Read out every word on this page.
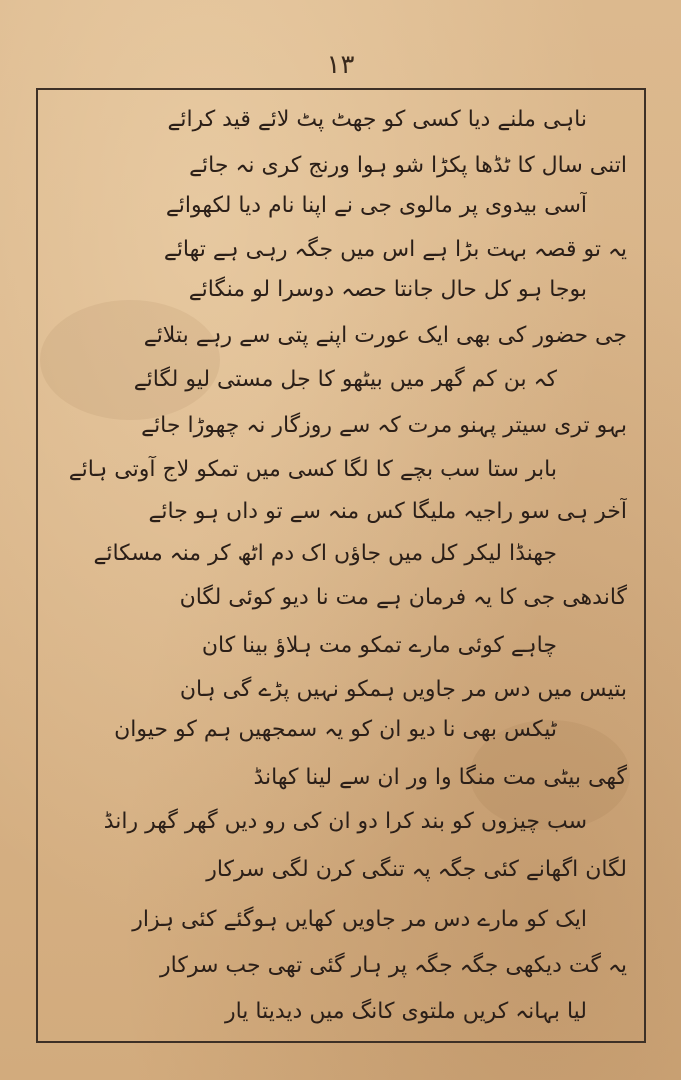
۱۳
ناہی ملنے دیا کسی کو جھٹ پٹ لائے قید کرائے
اتنی سال کا ٹڈھا پکڑا شو ہوا ورنج کری نہ جائے
آسی بیدوی پر مالوی جی نے اپنا نام دیا لکھوائے
یہ تو قصہ بہت بڑا ہے اس میں جگہ رہی ہے تھائے
بوجا ہو کل حال جانتا حصہ دوسرا لو منگائے
جی حضور کی بھی ایک عورت اپنے پتی سے رہے بتلائے
کہ بن کم گھر میں بیٹھو کا جل مستی لیو لگائے
بہو تری سیتر پہنو مرت کہ سے روزگار نہ چھوڑا جائے
بابر ستا سب بچے کا لگا کسی میں تمکو لاج آوتی ہائے
آخر ہی سو راجیہ ملیگا کس منہ سے تو داں ہو جائے
جھنڈا لیکر کل میں جاؤں اک دم اٹھ کر منہ مسکائے
گاندھی جی کا یہ فرمان ہے مت نا دیو کوئی لگان
چاہے کوئی مارے تمکو مت ہلاؤ بینا کان
بتیس میں دس مر جاویں ہمکو نہیں پڑے گی ہان
ٹیکس بھی نا دیو ان کو یہ سمجھیں ہم کو حیوان
گھی بیٹی مت منگا وا ور ان سے لینا کھانڈ
سب چیزوں کو بند کرا دو ان کی رو دیں گھر گھر رانڈ
لگان اگھانے کئی جگہ پہ تنگی کرن لگی سرکار
ایک کو مارے دس مر جاویں کھایں ہوگئے کئی ہزار
یہ گت دیکھی جگہ جگہ پر ہار گئی تھی جب سرکار
لیا بہانہ کریں ملتوی کانگ میں دیدیتا یار
